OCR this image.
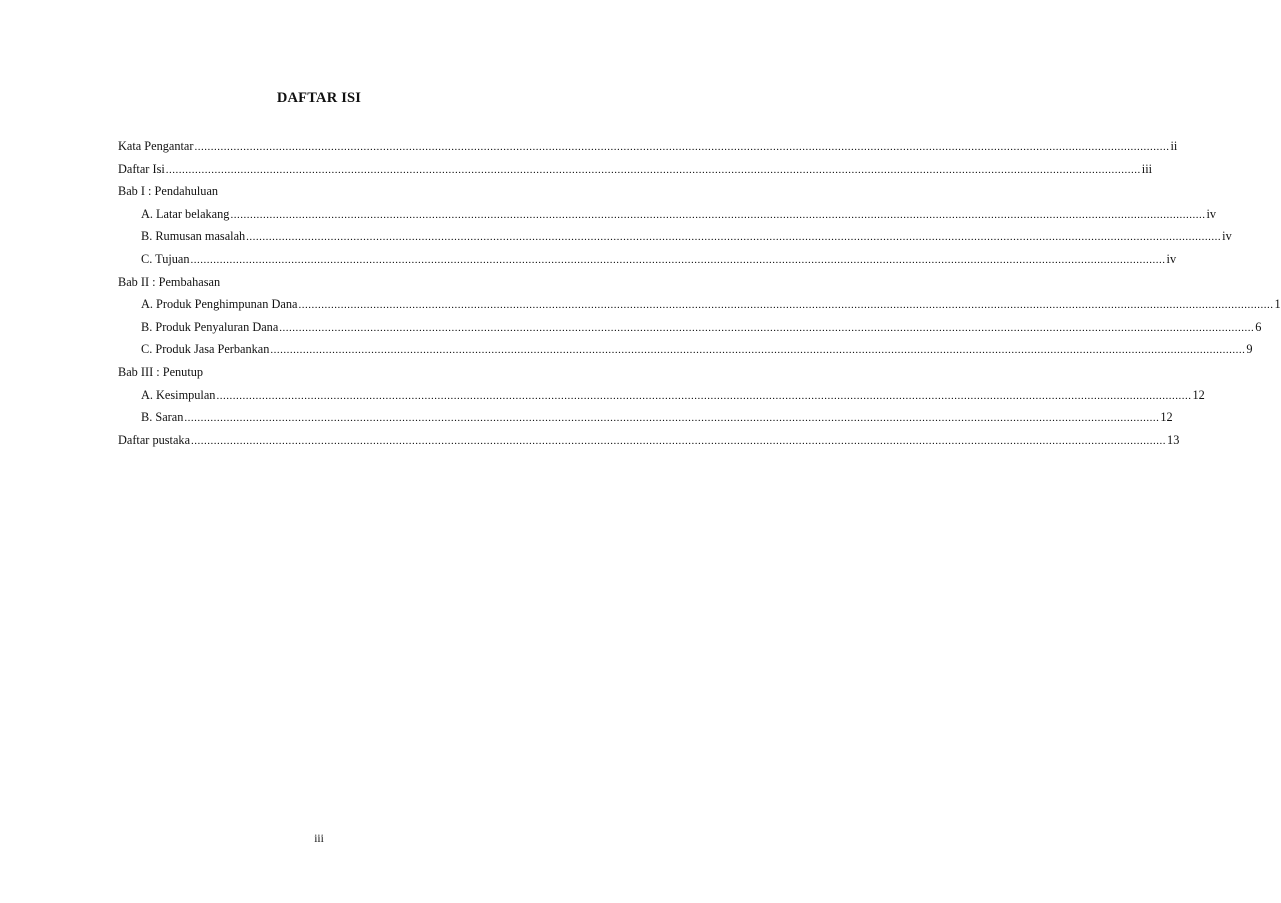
DAFTAR ISI
Kata Pengantar ............................................................................................................................................................................................................................................................................................................ ii
Daftar Isi ............................................................................................................................................................................................................................................................................................................ iii
Bab I : Pendahuluan
A. Latar belakang ............................................................................................................................................................................................................................................................................................................ iv
B. Rumusan masalah ............................................................................................................................................................................................................................................................................................................ iv
C. Tujuan ............................................................................................................................................................................................................................................................................................................ iv
Bab II : Pembahasan
A. Produk Penghimpunan Dana ............................................................................................................................................................................................................................................................................................................ 1
B. Produk Penyaluran Dana ............................................................................................................................................................................................................................................................................................................ 6
C. Produk Jasa Perbankan ............................................................................................................................................................................................................................................................................................................ 9
Bab III : Penutup
A. Kesimpulan ............................................................................................................................................................................................................................................................................................................ 12
B. Saran ............................................................................................................................................................................................................................................................................................................ 12
Daftar pustaka ............................................................................................................................................................................................................................................................................................................ 13
iii
